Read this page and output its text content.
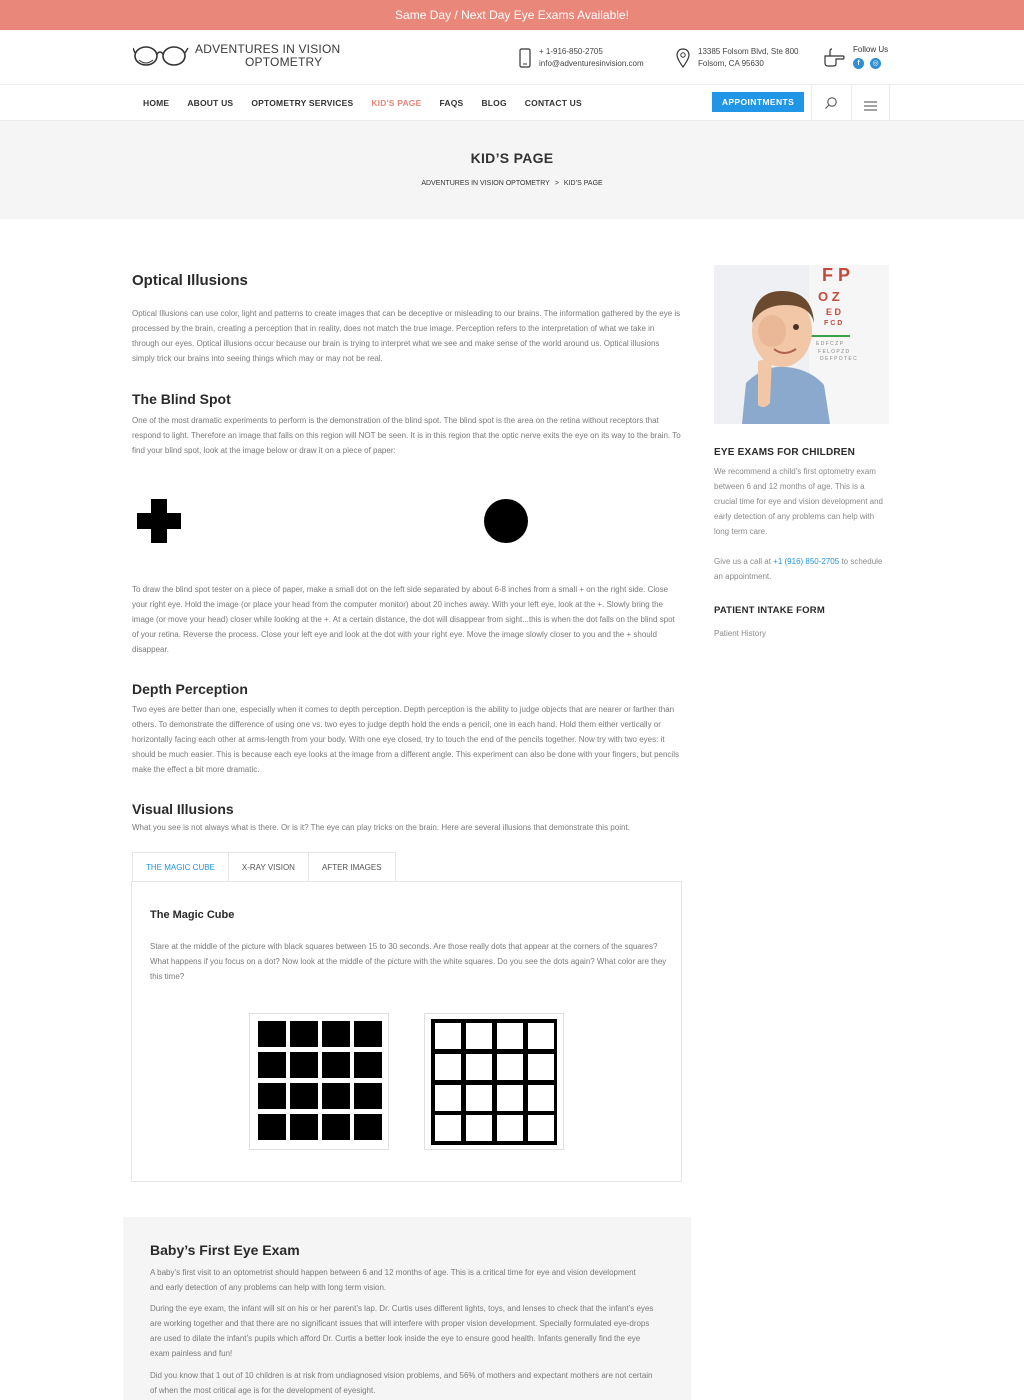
Same Day / Next Day Eye Exams Available!
ADVENTURES IN VISION
OPTOMETRY
+ 1-916-850-2705
info@adventuresinvision.com
13385 Folsom Blvd, Ste 800
Folsom, CA 95630
Follow Us
f	◎
HOME ABOUT US OPTOMETRY SERVICES KID'S PAGE FAQS BLOG CONTACT US	APPOINTMENTS
KID’S PAGE
ADVENTURES IN VISION OPTOMETRY > KID’S PAGE
Optical Illusions

Optical Illusions can use color, light and patterns to create images that can be deceptive or misleading to our brains. The information gathered by the eye is processed by the brain, creating a perception that in reality, does not match the true image. Perception refers to the interpretation of what we take in through our eyes. Optical illusions occur because our brain is trying to interpret what we see and make sense of the world around us. Optical illusions simply trick our brains into seeing things which may or may not be real.

The Blind Spot

One of the most dramatic experiments to perform is the demonstration of the blind spot. The blind spot is the area on the retina without receptors that respond to light. Therefore an image that falls on this region will NOT be seen. It is in this region that the optic nerve exits the eye on its way to the brain. To find your blind spot, look at the image below or draw it on a piece of paper:

To draw the blind spot tester on a piece of paper, make a small dot on the left side separated by about 6-8 inches from a small + on the right side. Close your right eye. Hold the image (or place your head from the computer monitor) about 20 inches away. With your left eye, look at the +. Slowly bring the image (or move your head) closer while looking at the +. At a certain distance, the dot will disappear from sight...this is when the dot falls on the blind spot of your retina. Reverse the process. Close your left eye and look at the dot with your right eye. Move the image slowly closer to you and the + should disappear.

Depth Perception

Two eyes are better than one, especially when it comes to depth perception. Depth perception is the ability to judge objects that are nearer or farther than others. To demonstrate the difference of using one vs. two eyes to judge depth hold the ends a pencil, one in each hand. Hold them either vertically or horizontally facing each other at arms-length from your body. With one eye closed, try to touch the end of the pencils together. Now try with two eyes: it should be much easier. This is because each eye looks at the image from a different angle. This experiment can also be done with your fingers, but pencils make the effect a bit more dramatic.

Visual Illusions

What you see is not always what is there. Or is it? The eye can play tricks on the brain. Here are several illusions that demonstrate this point.

THE MAGIC CUBE	X-RAY VISION	AFTER IMAGES
The Magic Cube

Stare at the middle of the picture with black squares between 15 to 30 seconds. Are those really dots that appear at the corners of the squares? What happens if you focus on a dot? Now look at the middle of the picture with the white squares. Do you see the dots again? What color are they this time?

F P
O Z
E D
F C D
E D F C Z P
F E L O P Z D
D E F P O T E C
EYE EXAMS FOR CHILDREN

We recommend a child's first optometry exam between 6 and 12 months of age. This is a crucial time for eye and vision development and early detection of any problems can help with long term care.

Give us a call at +1 (916) 850-2705 to schedule an appointment.

PATIENT INTAKE FORM

Patient History

Baby’s First Eye Exam

A baby’s first visit to an optometrist should happen between 6 and 12 months of age. This is a critical time for eye and vision development and early detection of any problems can help with long term vision.

During the eye exam, the infant will sit on his or her parent’s lap. Dr. Curtis uses different lights, toys, and lenses to check that the infant’s eyes are working together and that there are no significant issues that will interfere with proper vision development. Specially formulated eye-drops are used to dilate the infant’s pupils which afford Dr. Curtis a better look inside the eye to ensure good health. Infants generally find the eye exam painless and fun!

Did you know that 1 out of 10 children is at risk from undiagnosed vision problems, and 56% of mothers and expectant mothers are not certain of when the most critical age is for the development of eyesight.
